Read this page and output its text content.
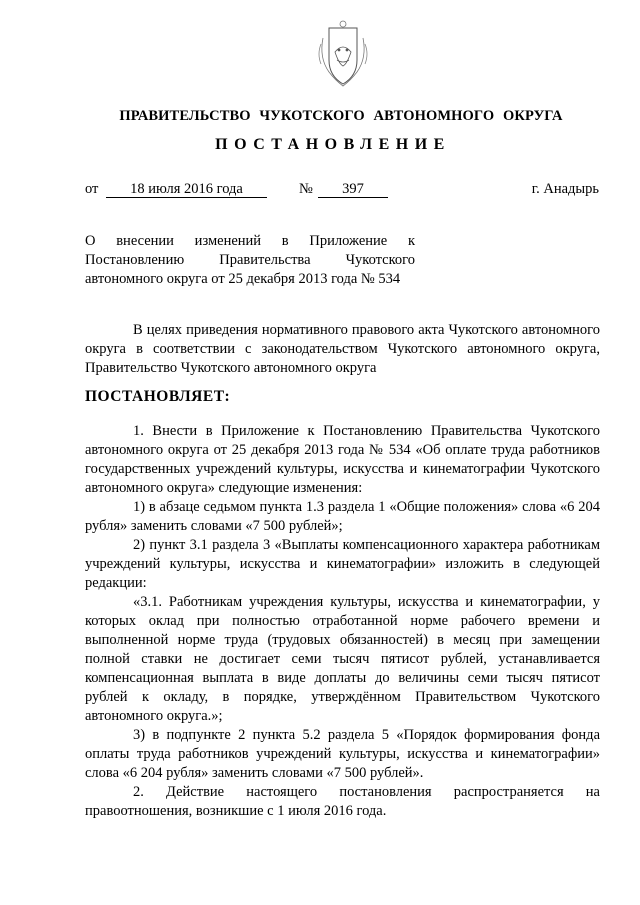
ПРАВИТЕЛЬСТВО ЧУКОТСКОГО АВТОНОМНОГО ОКРУГА
ПОСТАНОВЛЕНИЕ
от	18 июля 2016 года	№	397	г. Анадырь

О внесении изменений в Приложение к

Постановлению Правительства Чукотского

автономного округа от 25 декабря 2013 года № 534

В целях приведения нормативного правового акта Чукотского автономного округа в соответствии с законодательством Чукотского автономного округа, Правительство Чукотского автономного округа

ПОСТАНОВЛЯЕТ:

1. Внести в Приложение к Постановлению Правительства Чукотского автономного округа от 25 декабря 2013 года № 534 «Об оплате труда работников государственных учреждений культуры, искусства и кинематографии Чукотского автономного округа» следующие изменения:

1) в абзаце седьмом пункта 1.3 раздела 1 «Общие положения» слова «6 204 рубля» заменить словами «7 500 рублей»;

2) пункт 3.1 раздела 3 «Выплаты компенсационного характера работникам учреждений культуры, искусства и кинематографии» изложить в следующей редакции:

«3.1. Работникам учреждения культуры, искусства и кинематографии, у которых оклад при полностью отработанной норме рабочего времени и выполненной норме труда (трудовых обязанностей) в месяц при замещении полной ставки не достигает семи тысяч пятисот рублей, устанавливается компенсационная выплата в виде доплаты до величины семи тысяч пятисот рублей к окладу, в порядке, утверждённом Правительством Чукотского автономного округа.»;

3) в подпункте 2 пункта 5.2 раздела 5 «Порядок формирования фонда оплаты труда работников учреждений культуры, искусства и кинематографии» слова «6 204 рубля» заменить словами «7 500 рублей».

2. Действие настоящего постановления распространяется на правоотношения, возникшие с 1 июля 2016 года.
